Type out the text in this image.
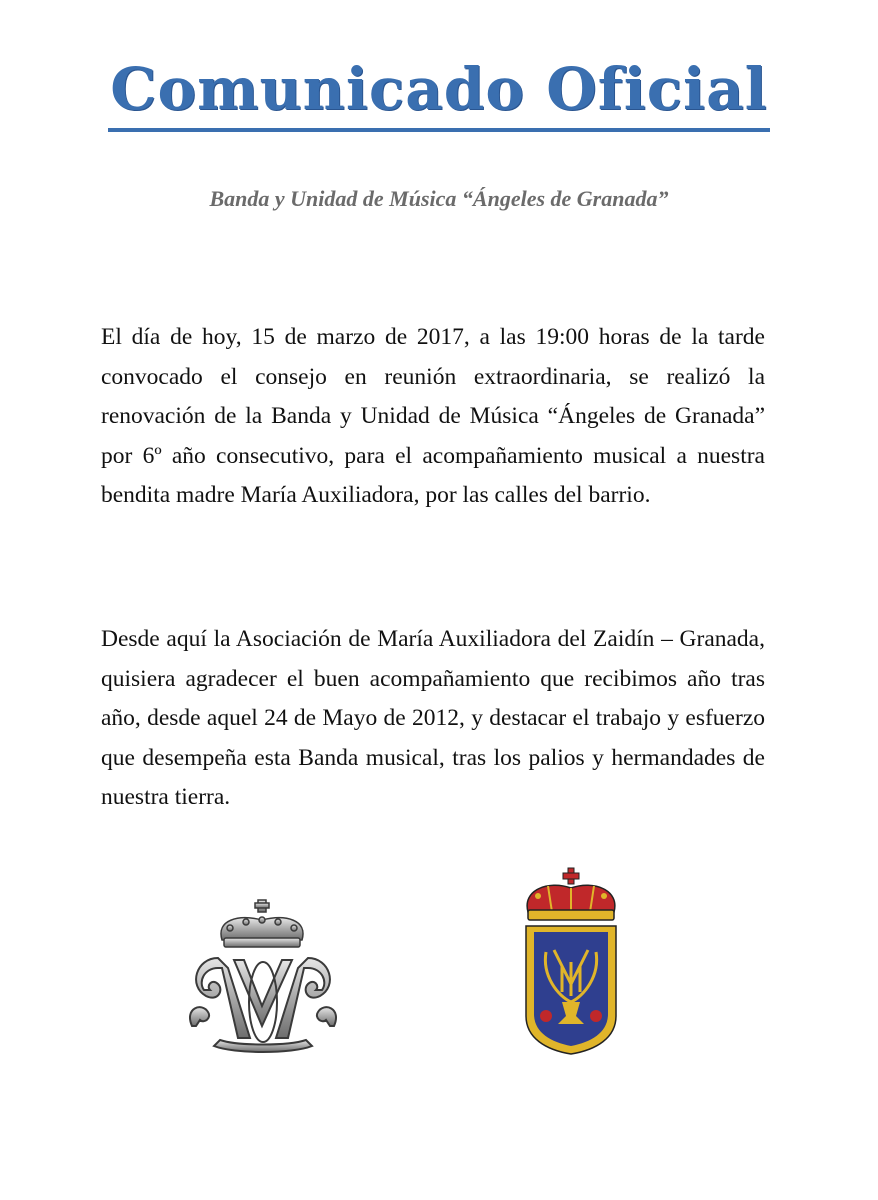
Comunicado Oficial

Banda y Unidad de Música “Ángeles de Granada”

El día de hoy, 15 de marzo de 2017, a las 19:00 horas de la tarde convocado el consejo en reunión extraordinaria, se realizó la renovación de la Banda y Unidad de Música “Ángeles de Granada” por 6º año consecutivo, para el acompañamiento musical a nuestra bendita madre María Auxiliadora, por las calles del barrio.

Desde aquí la Asociación de María Auxiliadora del Zaidín – Granada, quisiera agradecer el buen acompañamiento que recibimos año tras año, desde aquel 24 de Mayo de 2012, y destacar el trabajo y esfuerzo que desempeña esta Banda musical, tras los palios y hermandades de nuestra tierra.
